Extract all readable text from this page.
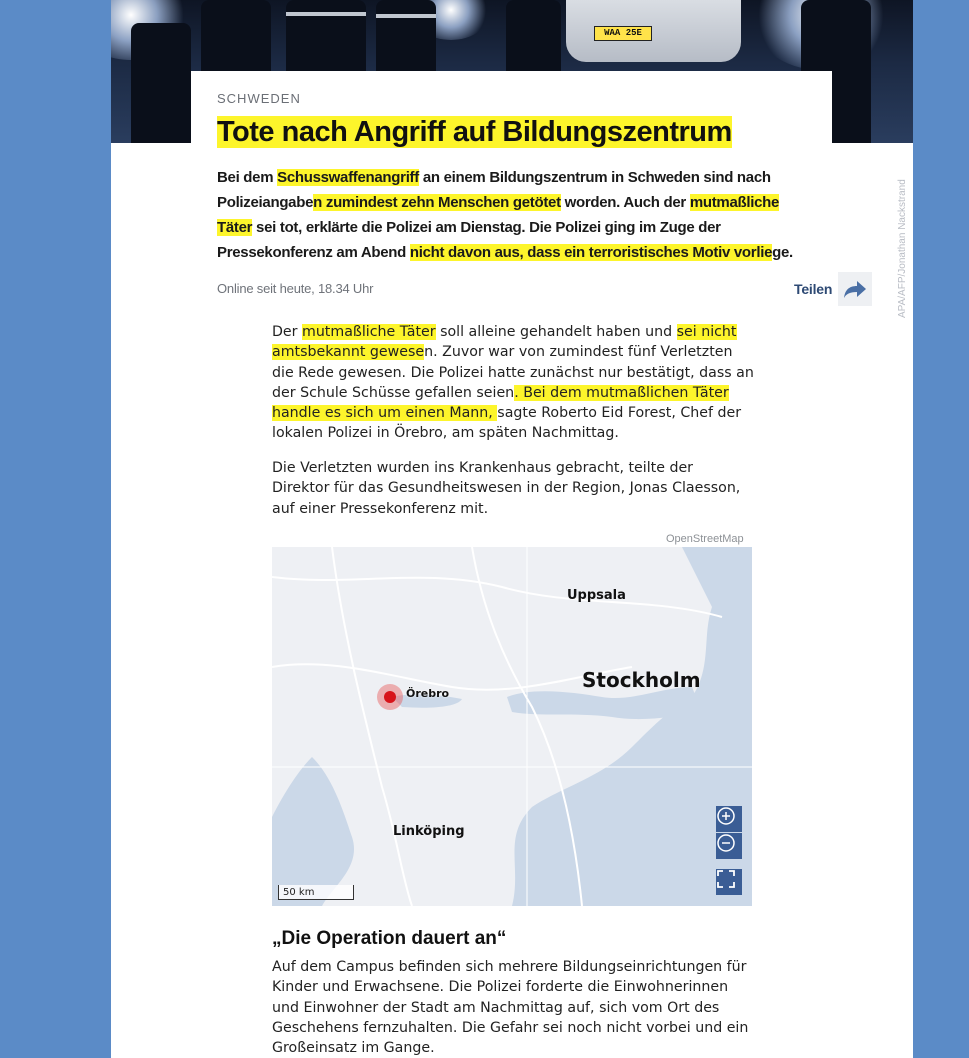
WAA 25E
APA/AFP/Jonathan Nackstrand
SCHWEDEN
Tote nach Angriff auf Bildungszentrum

Bei dem Schusswaffenangriff an einem Bildungszentrum in Schweden sind nach Polizeiangaben zumindest zehn Menschen getötet worden. Auch der mutmaßliche Täter sei tot, erklärte die Polizei am Dienstag. Die Polizei ging im Zuge der Pressekonferenz am Abend nicht davon aus, dass ein terroristisches Motiv vorliege.

Online seit heute, 18.34 Uhr	Teilen

Der mutmaßliche Täter soll alleine gehandelt haben und sei nicht amtsbekannt gewesen. Zuvor war von zumindest fünf Verletzten die Rede gewesen. Die Polizei hatte zunächst nur bestätigt, dass an der Schule Schüsse gefallen seien. Bei dem mutmaßlichen Täter handle es sich um einen Mann, sagte Roberto Eid Forest, Chef der lokalen Polizei in Örebro, am späten Nachmittag.

Die Verletzten wurden ins Krankenhaus gebracht, teilte der Direktor für das Gesundheitswesen in der Region, Jonas Claesson, auf einer Pressekonferenz mit.

OpenStreetMap
Uppsala
Stockholm
Örebro
Linköping
50 km
„Die Operation dauert an“

Auf dem Campus befinden sich mehrere Bildungseinrichtungen für Kinder und Erwachsene. Die Polizei forderte die Einwohnerinnen und Einwohner der Stadt am Nachmittag auf, sich vom Ort des Geschehens fernzuhalten. Die Gefahr sei noch nicht vorbei und ein Großeinsatz im Gange.
